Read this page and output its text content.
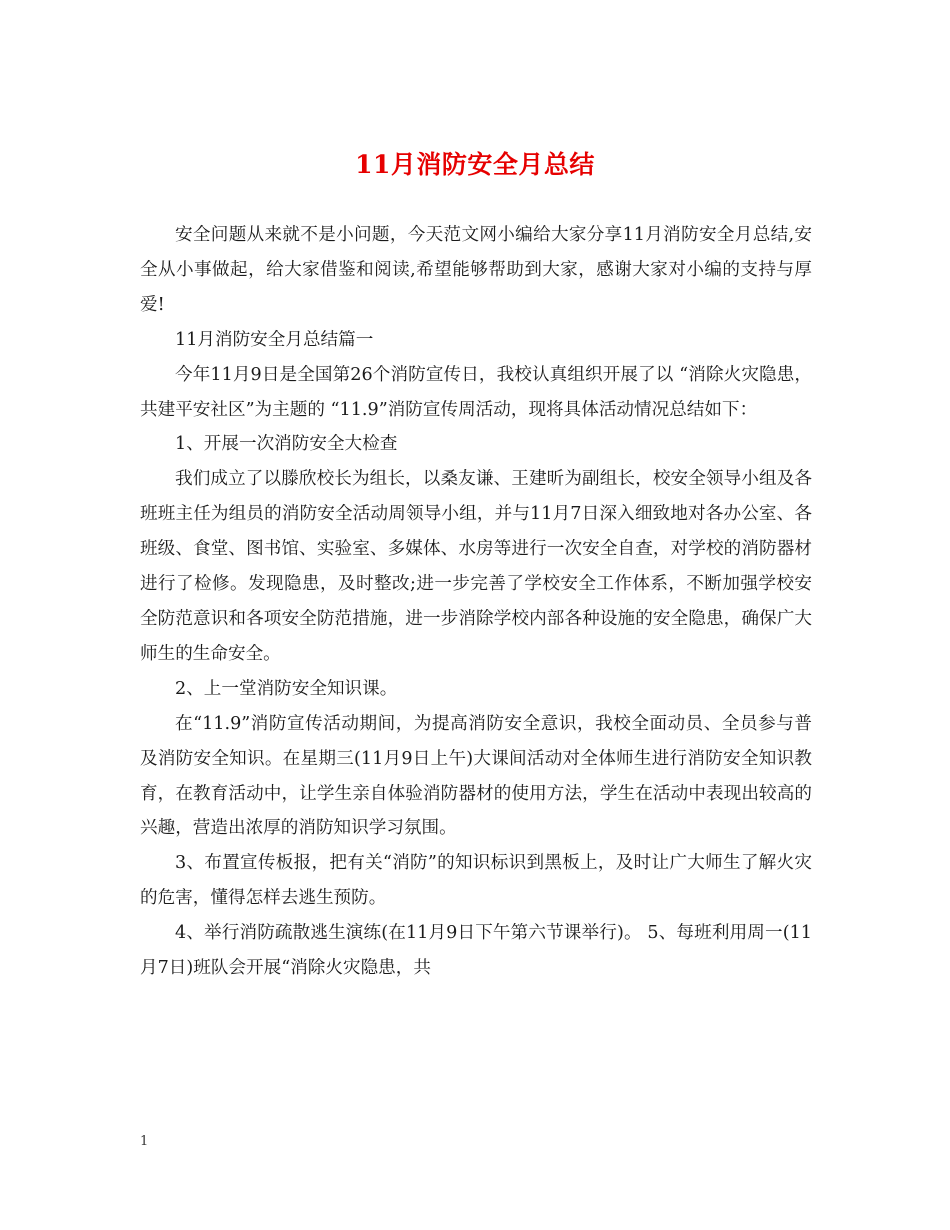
11月消防安全月总结

安全问题从来就不是小问题，今天范文网小编给大家分享11月消防安全月总结,安全从小事做起，给大家借鉴和阅读,希望能够帮助到大家，感谢大家对小编的支持与厚爱!

11月消防安全月总结篇一

今年11月9日是全国第26个消防宣传日，我校认真组织开展了以 “消除火灾隐患，共建平安社区”为主题的 “11.9”消防宣传周活动，现将具体活动情况总结如下：

1、开展一次消防安全大检查

我们成立了以滕欣校长为组长，以桑友谦、王建昕为副组长，校安全领导小组及各班班主任为组员的消防安全活动周领导小组，并与11月7日深入细致地对各办公室、各班级、食堂、图书馆、实验室、多媒体、水房等进行一次安全自查，对学校的消防器材进行了检修。发现隐患，及时整改;进一步完善了学校安全工作体系，不断加强学校安全防范意识和各项安全防范措施，进一步消除学校内部各种设施的安全隐患，确保广大师生的生命安全。

2、上一堂消防安全知识课。

在“11.9”消防宣传活动期间，为提高消防安全意识，我校全面动员、全员参与普及消防安全知识。在星期三(11月9日上午)大课间活动对全体师生进行消防安全知识教育，在教育活动中，让学生亲自体验消防器材的使用方法，学生在活动中表现出较高的兴趣，营造出浓厚的消防知识学习氛围。

3、布置宣传板报，把有关“消防”的知识标识到黑板上，及时让广大师生了解火灾的危害，懂得怎样去逃生预防。

4、举行消防疏散逃生演练(在11月9日下午第六节课举行)。 5、每班利用周一(11月7日)班队会开展“消除火灾隐患，共

1
